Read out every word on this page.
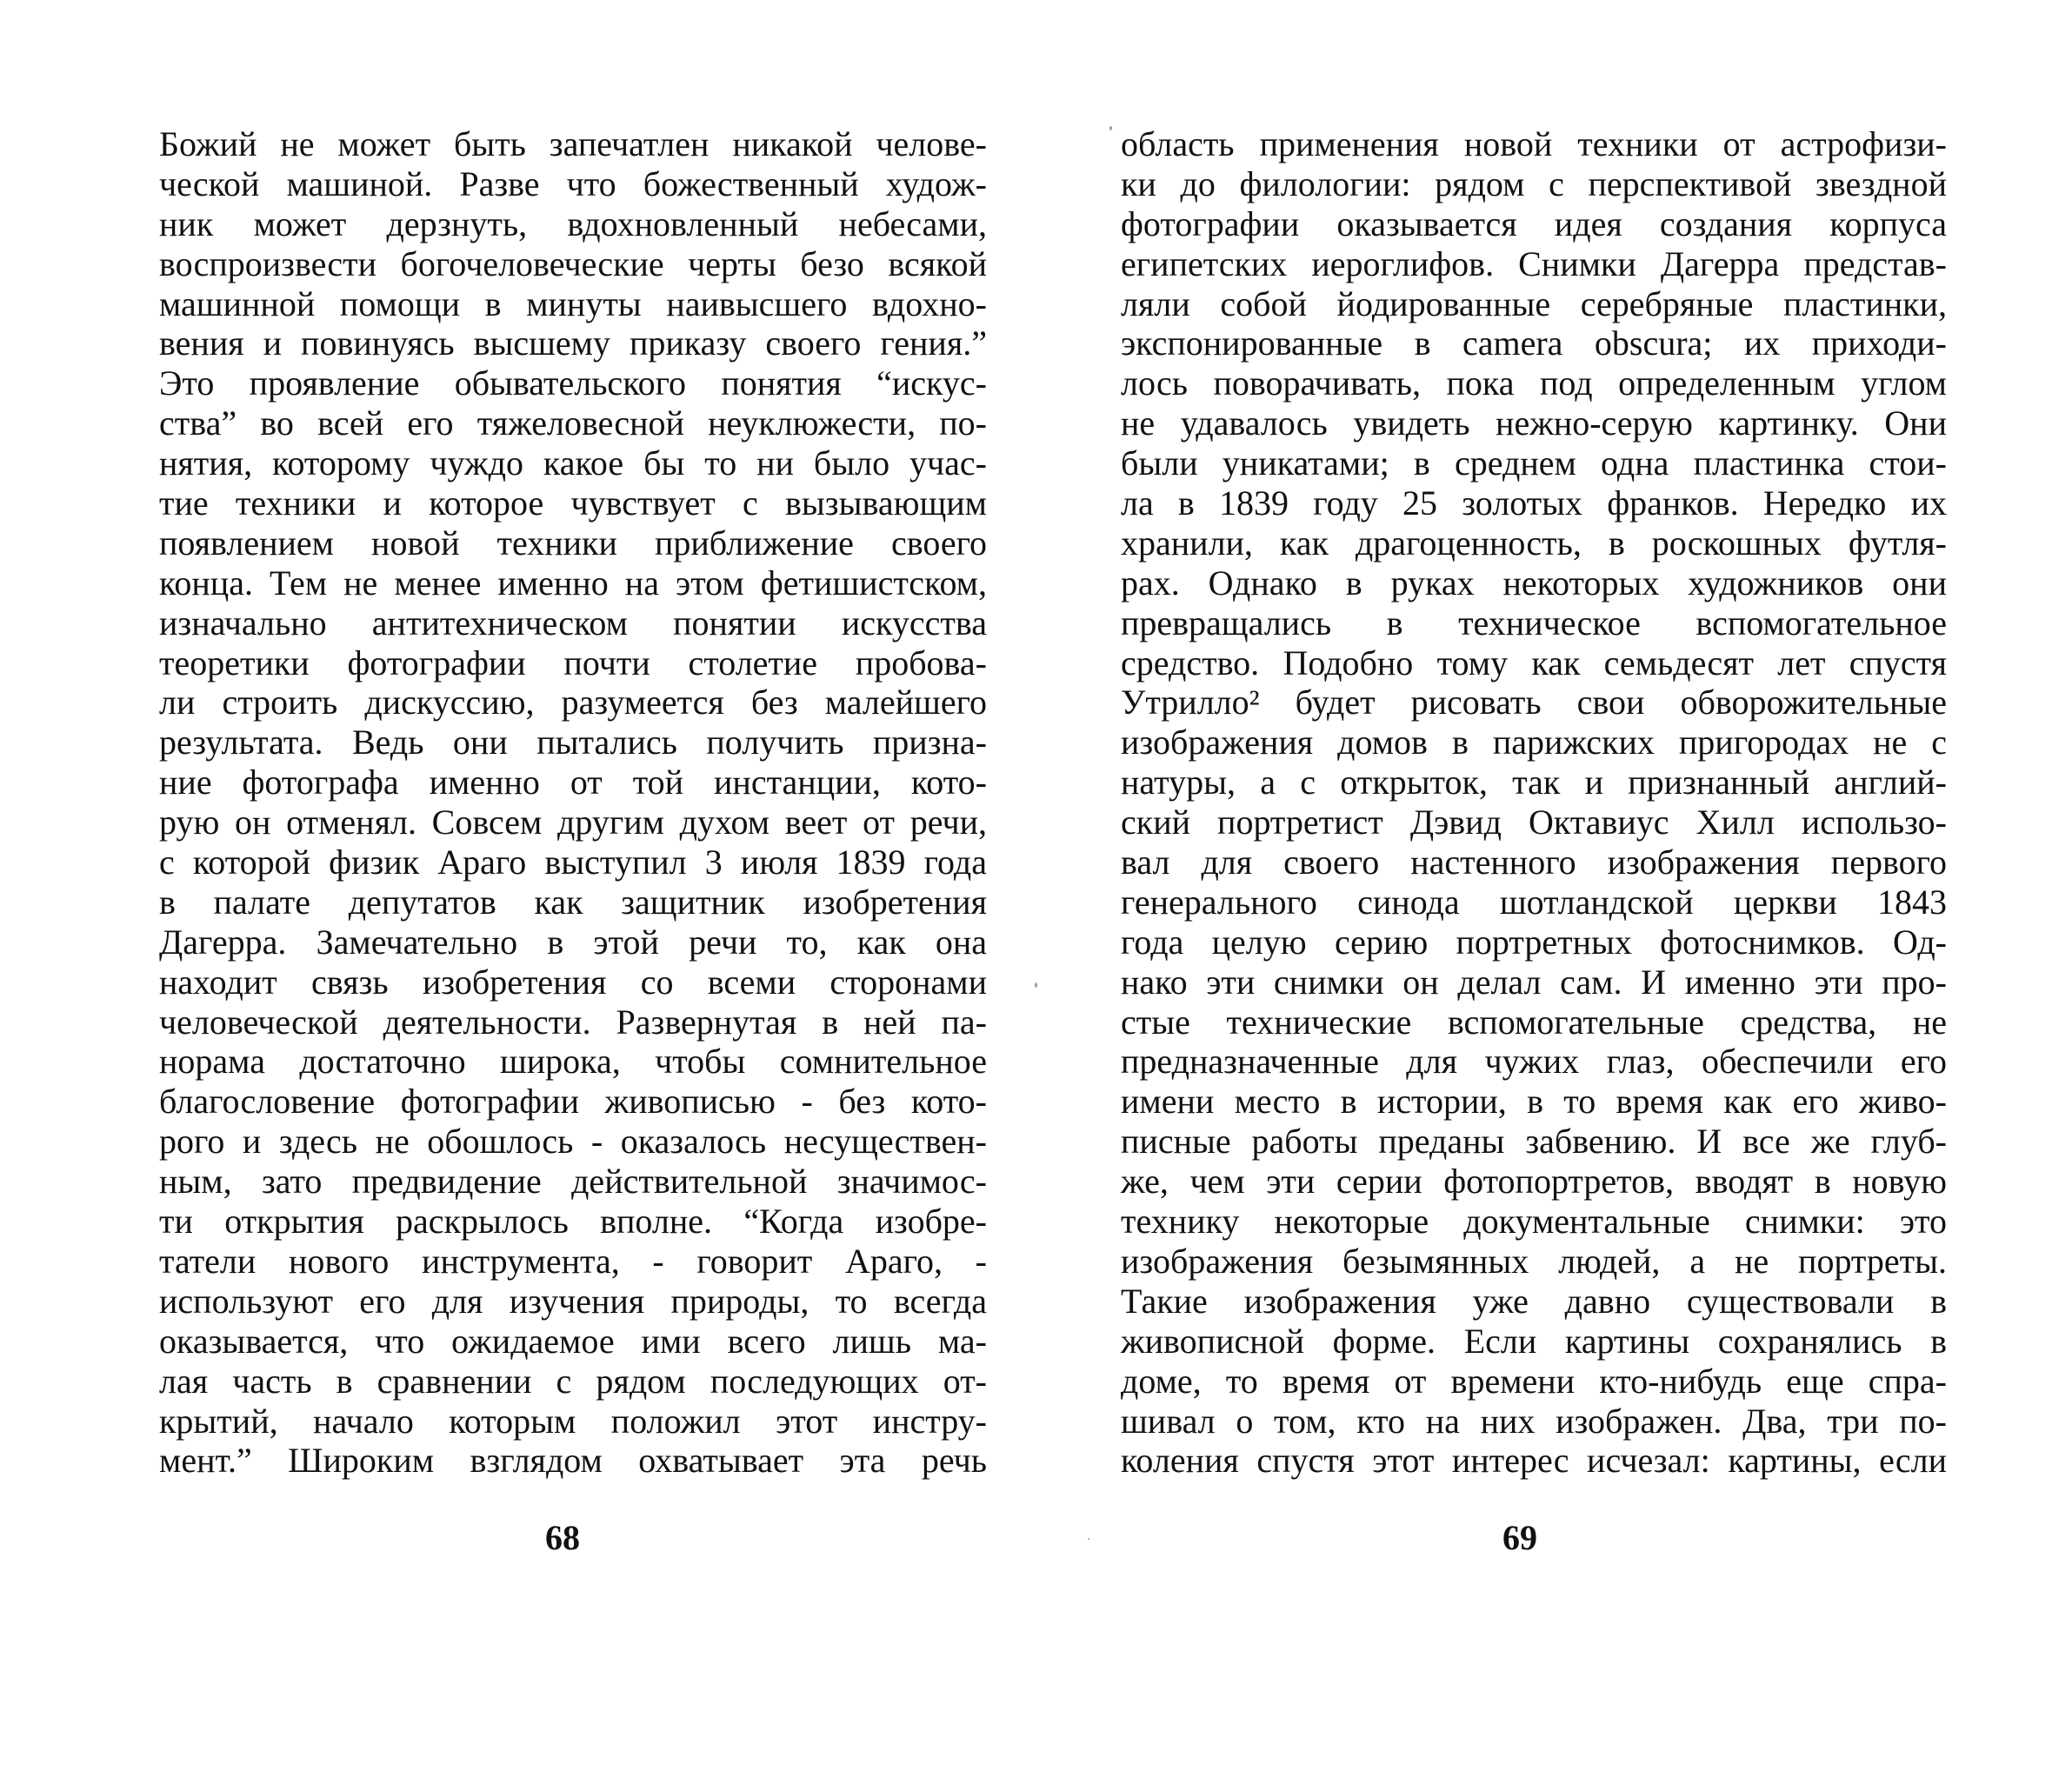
Божий не может быть запечатлен никакой челове-
ческой машиной. Разве что божественный худож-
ник может дерзнуть, вдохновленный небесами,
воспроизвести богочеловеческие черты безо всякой
машинной помощи в минуты наивысшего вдохно-
вения и повинуясь высшему приказу своего гения.”
Это проявление обывательского понятия “искус-
ства” во всей его тяжеловесной неуклюжести, по-
нятия, которому чуждо какое бы то ни было учас-
тие техники и которое чувствует с вызывающим
появлением новой техники приближение своего
конца. Тем не менее именно на этом фетишистском,
изначально антитехническом понятии искусства
теоретики фотографии почти столетие пробова-
ли строить дискуссию, разумеется без малейшего
результата. Ведь они пытались получить призна-
ние фотографа именно от той инстанции, кото-
рую он отменял. Совсем другим духом веет от речи,
с которой физик Араго выступил 3 июля 1839 года
в палате депутатов как защитник изобретения
Дагерра. Замечательно в этой речи то, как она
находит связь изобретения со всеми сторонами
человеческой деятельности. Развернутая в ней па-
норама достаточно широка, чтобы сомнительное
благословение фотографии живописью - без кото-
рого и здесь не обошлось - оказалось несуществен-
ным, зато предвидение действительной значимос-
ти открытия раскрылось вполне. “Когда изобре-
татели нового инструмента, - говорит Араго, -
используют его для изучения природы, то всегда
оказывается, что ожидаемое ими всего лишь ма-
лая часть в сравнении с рядом последующих от-
крытий, начало которым положил этот инстру-
мент.” Широким взглядом охватывает эта речь
68
область применения новой техники от астрофизи-
ки до филологии: рядом с перспективой звездной
фотографии оказывается идея создания корпуса
египетских иероглифов. Снимки Дагерра представ-
ляли собой йодированные серебряные пластинки,
экспонированные в camera obscura; их приходи-
лось поворачивать, пока под определенным углом
не удавалось увидеть нежно-серую картинку. Они
были уникатами; в среднем одна пластинка стои-
ла в 1839 году 25 золотых франков. Нередко их
хранили, как драгоценность, в роскошных футля-
рах. Однако в руках некоторых художников они
превращались в техническое вспомогательное
средство. Подобно тому как семьдесят лет спустя
Утрилло² будет рисовать свои обворожительные
изображения домов в парижских пригородах не с
натуры, а с открыток, так и признанный англий-
ский портретист Дэвид Октавиус Хилл использо-
вал для своего настенного изображения первого
генерального синода шотландской церкви 1843
года целую серию портретных фотоснимков. Од-
нако эти снимки он делал сам. И именно эти про-
стые технические вспомогательные средства, не
предназначенные для чужих глаз, обеспечили его
имени место в истории, в то время как его живо-
писные работы преданы забвению. И все же глуб-
же, чем эти серии фотопортретов, вводят в новую
технику некоторые документальные снимки: это
изображения безымянных людей, а не портреты.
Такие изображения уже давно существовали в
живописной форме. Если картины сохранялись в
доме, то время от времени кто-нибудь еще спра-
шивал о том, кто на них изображен. Два, три по-
коления спустя этот интерес исчезал: картины, если
69
